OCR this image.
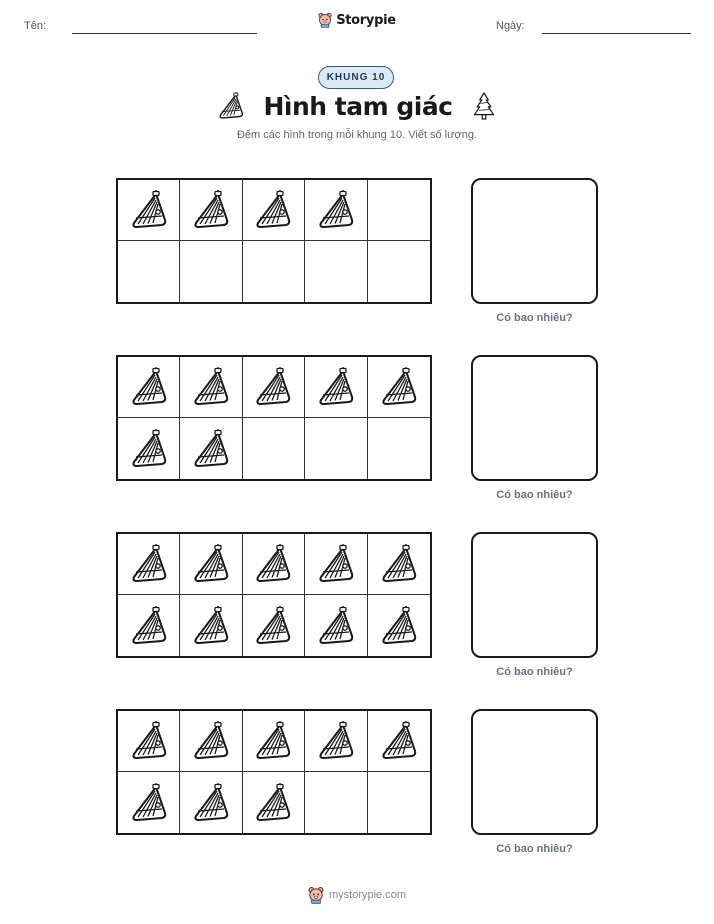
Tên:	Ngày:
Storypie
KHUNG 10
Hình tam giác
Đếm các hình trong mỗi khung 10. Viết số lượng.
Có bao nhiêu?
Có bao nhiêu?
Có bao nhiêu?
Có bao nhiêu?
mystorypie.com
